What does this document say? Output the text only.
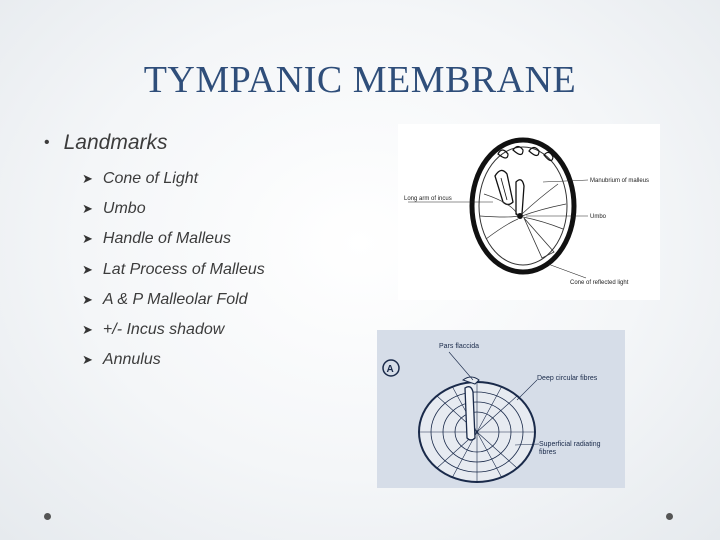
TYMPANIC MEMBRANE
• Landmarks
➤ Cone of Light
➤ Umbo
➤ Handle of Malleus
➤ Lat Process of Malleus
➤ A & P Malleolar Fold
➤ +/- Incus shadow
➤ Annulus
Manubrium of malleus
Long arm of incus
Umbo
Cone of reflected light
A
Pars flaccida
Deep circular fibres
Superficial radiating
fibres
